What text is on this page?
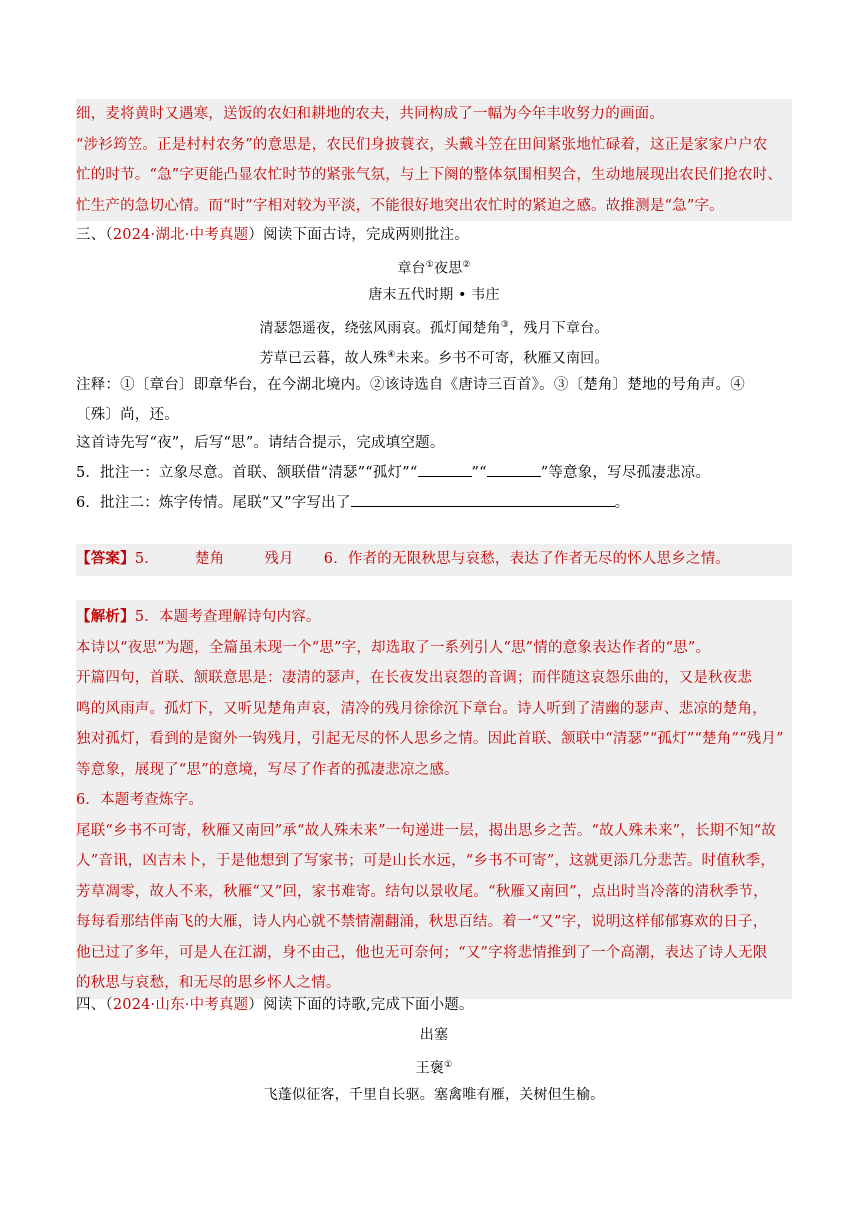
细，麦将黄时又遇寒，送饭的农妇和耕地的农夫，共同构成了一幅为今年丰收努力的画面。
“涉衫筠笠。正是村村农务”的意思是，农民们身披蓑衣，头戴斗笠在田间紧张地忙碌着，这正是家家户户农
忙的时节。“急”字更能凸显农忙时节的紧张气氛，与上下阕的整体氛围相契合，生动地展现出农民们抢农时、
忙生产的急切心情。而“时”字相对较为平淡，不能很好地突出农忙时的紧迫之感。故推测是“急”字。
三、（2024·湖北·中考真题）阅读下面古诗，完成两则批注。
章台①夜思②
唐末五代时期 • 韦庄
清瑟怨遥夜，绕弦风雨哀。孤灯闻楚角③，残月下章台。
芳草已云暮，故人殊④未来。乡书不可寄，秋雁又南回。
注释：①〔章台〕即章华台，在今湖北境内。②该诗选自《唐诗三百首》。③〔楚角〕楚地的号角声。④
〔殊〕尚，还。
这首诗先写“夜”，后写“思”。请结合提示，完成填空题。
5．批注一：立象尽意。首联、颔联借“清瑟”“孤灯”“	”“	”等意象，写尽孤凄悲凉。
6．批注二：炼字传情。尾联“又”字写出了	。
【答案】5． 楚角	残月 6．作者的无限秋思与哀愁，表达了作者无尽的怀人思乡之情。
【解析】5．本题考查理解诗句内容。
本诗以“夜思”为题，全篇虽未现一个“思”字，却选取了一系列引人“思”情的意象表达作者的“思”。
开篇四句，首联、颔联意思是：凄清的瑟声，在长夜发出哀怨的音调；而伴随这哀怨乐曲的，又是秋夜悲
鸣的风雨声。孤灯下，又听见楚角声哀，清冷的残月徐徐沉下章台。诗人听到了清幽的瑟声、悲凉的楚角，
独对孤灯，看到的是窗外一钩残月，引起无尽的怀人思乡之情。因此首联、颔联中“清瑟”“孤灯”“楚角”“残月”
等意象，展现了“思”的意境，写尽了作者的孤凄悲凉之感。
6．本题考查炼字。
尾联“乡书不可寄，秋雁又南回”承“故人殊未来”一句递进一层，揭出思乡之苦。“故人殊未来”，长期不知“故
人”音讯，凶吉未卜，于是他想到了写家书；可是山长水远，“乡书不可寄”，这就更添几分悲苦。时值秋季，
芳草凋零，故人不来，秋雁“又”回，家书难寄。结句以景收尾。“秋雁又南回”，点出时当冷落的清秋季节，
每每看那结伴南飞的大雁，诗人内心就不禁情潮翻涌，秋思百结。着一“又”字，说明这样郁郁寡欢的日子，
他已过了多年，可是人在江湖，身不由己，他也无可奈何；“又”字将悲情推到了一个高潮，表达了诗人无限
的秋思与哀愁，和无尽的思乡怀人之情。
四、（2024·山东·中考真题）阅读下面的诗歌,完成下面小题。
出塞
王褒①
飞蓬似征客，千里自长驱。塞禽唯有雁，关树但生榆。
